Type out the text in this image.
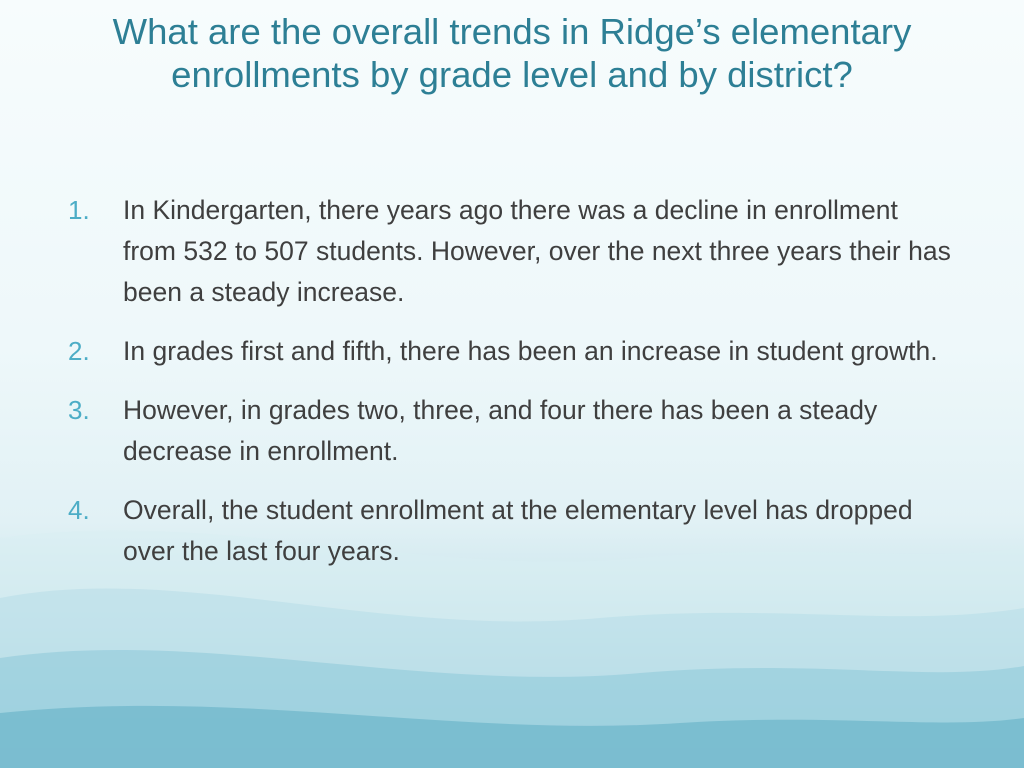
What are the overall trends in Ridge’s elementary enrollments by grade level and by district?
1.	In Kindergarten, there years ago there was a decline in enrollment from 532 to 507 students. However, over the next three years their has been a steady increase.
2.	In grades first and fifth, there has been an increase in student growth.
3.	However, in grades two, three, and four there has been a steady decrease in enrollment.
4.	Overall, the student enrollment at the elementary level has dropped over the last four years.
